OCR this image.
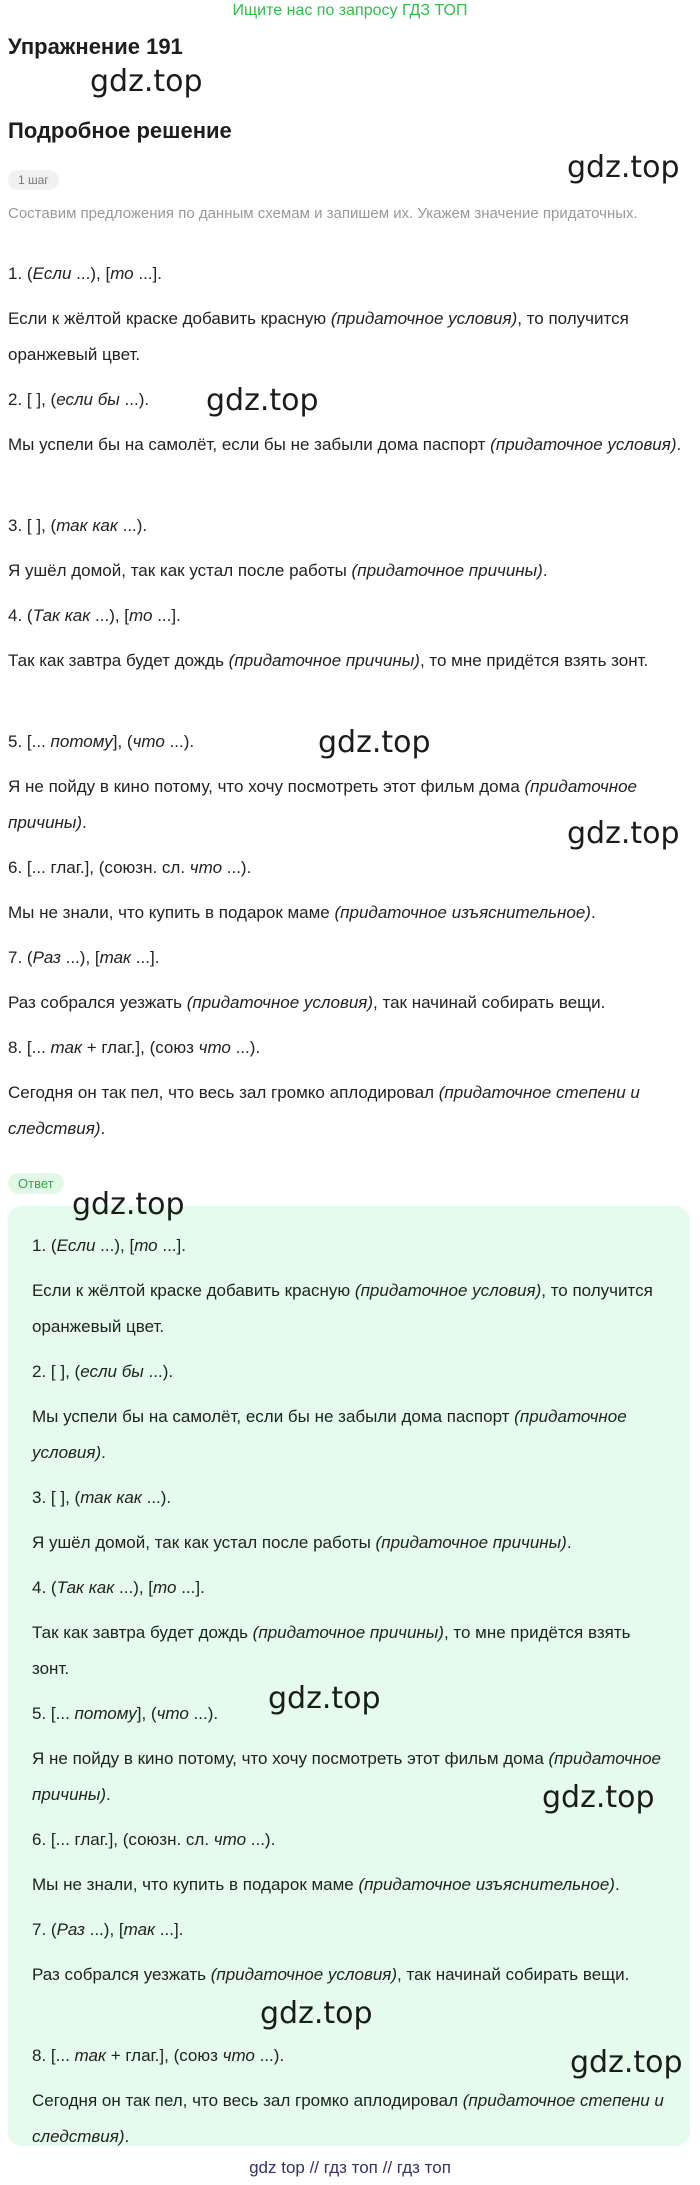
Ищите нас по запросу ГДЗ ТОП
Упражнение 191
gdz.top
Подробное решение
gdz.top
1 шаг
Составим предложения по данным схемам и запишем их. Укажем значение придаточных.
1. (Если ...), [то ...].
Если к жёлтой краске добавить красную (придаточное условия), то получится оранжевый цвет.
2. [ ], (если бы ...).	gdz.top
Мы успели бы на самолёт, если бы не забыли дома паспорт (придаточное условия).
3. [ ], (так как ...).
Я ушёл домой, так как устал после работы (придаточное причины).
4. (Так как ...), [то ...].
Так как завтра будет дождь (придаточное причины), то мне придётся взять зонт.
5. [... потому], (что ...).	gdz.top
Я не пойду в кино потому, что хочу посмотреть этот фильм дома (придаточное причины).	gdz.top
6. [... глаг.], (союзн. сл. что ...).
Мы не знали, что купить в подарок маме (придаточное изъяснительное).
7. (Раз ...), [так ...].
Раз собрался уезжать (придаточное условия), так начинай собирать вещи.
8. [... так + глаг.], (союз что ...).
Сегодня он так пел, что весь зал громко аплодировал (придаточное степени и следствия).
Ответ
gdz.top
1. (Если ...), [то ...].
Если к жёлтой краске добавить красную (придаточное условия), то получится оранжевый цвет.
2. [ ], (если бы ...).
Мы успели бы на самолёт, если бы не забыли дома паспорт (придаточное условия).
3. [ ], (так как ...).
Я ушёл домой, так как устал после работы (придаточное причины).
4. (Так как ...), [то ...].
Так как завтра будет дождь (придаточное причины), то мне придётся взять зонт.
5. [... потому], (что ...).	gdz.top
Я не пойду в кино потому, что хочу посмотреть этот фильм дома (придаточное причины).	gdz.top
6. [... глаг.], (союзн. сл. что ...).
Мы не знали, что купить в подарок маме (придаточное изъяснительное).
7. (Раз ...), [так ...].
Раз собрался уезжать (придаточное условия), так начинай собирать вещи.
gdz.top
8. [... так + глаг.], (союз что ...).	gdz.top
Сегодня он так пел, что весь зал громко аплодировал (придаточное степени и следствия).
gdz top // гдз топ // гдз топ
